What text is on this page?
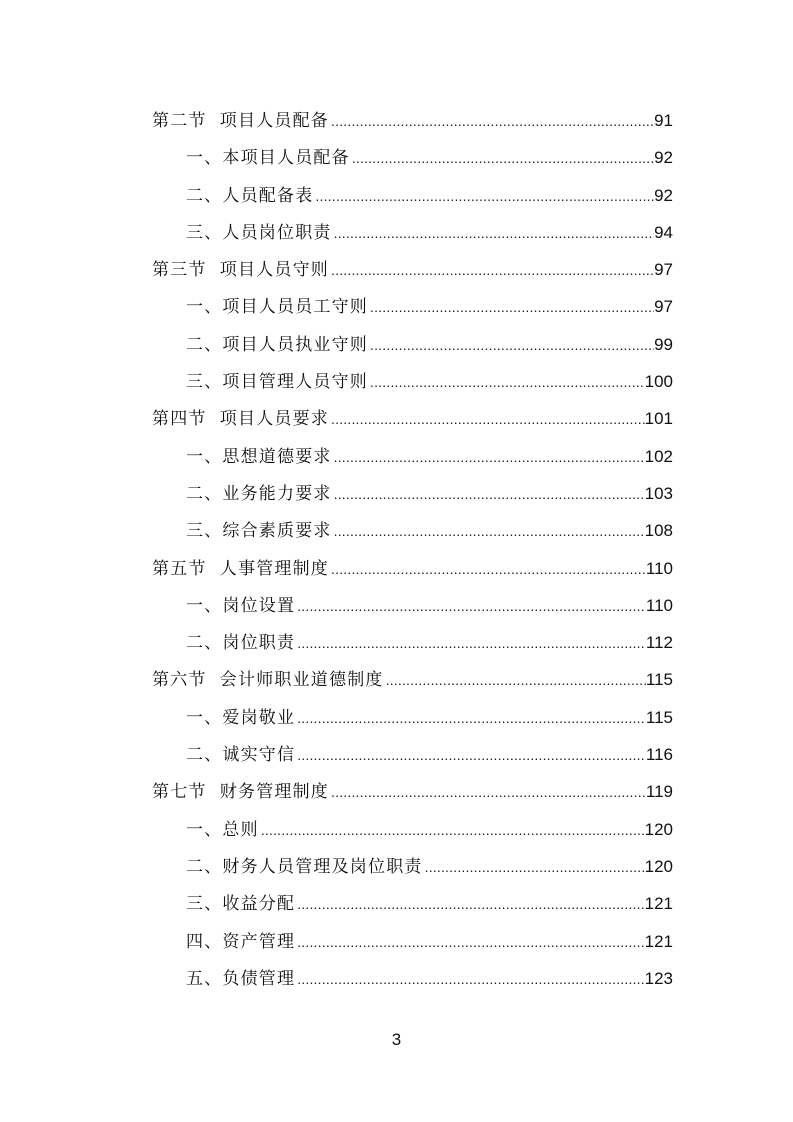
第二节  项目人员配备 .....	91
一、本项目人员配备 .....	92
二、人员配备表 .....	92
三、人员岗位职责 .....	94
第三节  项目人员守则 .....	97
一、项目人员员工守则 .....	97
二、项目人员执业守则 .....	99
三、项目管理人员守则 .....	100
第四节  项目人员要求 .....	101
一、思想道德要求 .....	102
二、业务能力要求 .....	103
三、综合素质要求 .....	108
第五节  人事管理制度 .....	110
一、岗位设置 .....	110
二、岗位职责 .....	112
第六节  会计师职业道德制度 .....	115
一、爱岗敬业 .....	115
二、诚实守信 .....	116
第七节  财务管理制度 .....	119
一、总则 .....	120
二、财务人员管理及岗位职责 .....	120
三、收益分配 .....	121
四、资产管理 .....	121
五、负债管理 .....	123
3
